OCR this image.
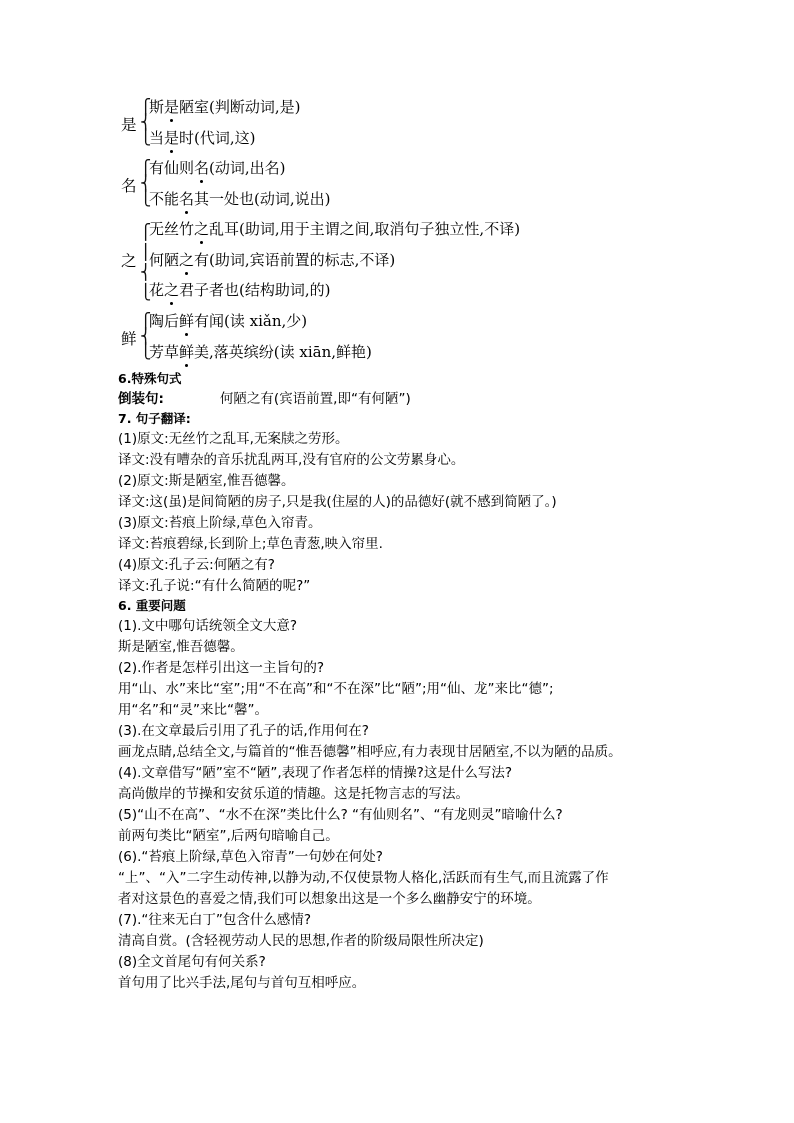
是
⎧
⎨
⎩
斯是陋室(判断动词,是)
当是时(代词,这)
名
⎧
⎨
⎩
有仙则名(动词,出名)
不能名其一处也(动词,说出)
之
⎧
⎪
⎨
⎩
无丝竹之乱耳(助词,用于主谓之间,取消句子独立性,不译)
何陋之有(助词,宾语前置的标志,不译)
花之君子者也(结构助词,的)
鲜
⎧
⎨
⎩
陶后鲜有闻(读 xiǎn,少)
芳草鲜美,落英缤纷(读 xiān,鲜艳)
6.特殊句式
倒装句:	何陋之有(宾语前置,即“有何陋”)
7. 句子翻译:
(1)原文:无丝竹之乱耳,无案牍之劳形。
译文:没有嘈杂的音乐扰乱两耳,没有官府的公文劳累身心。
(2)原文:斯是陋室,惟吾德馨。
译文:这(虽)是间简陋的房子,只是我(住屋的人)的品德好(就不感到简陋了。)
(3)原文:苔痕上阶绿,草色入帘青。
译文:苔痕碧绿,长到阶上;草色青葱,映入帘里.
(4)原文:孔子云:何陋之有?
译文:孔子说:“有什么简陋的呢?”
6. 重要问题
(1).文中哪句话统领全文大意?
斯是陋室,惟吾德馨。
(2).作者是怎样引出这一主旨句的?
用“山、水”来比“室”;用“不在高”和“不在深”比“陋”;用“仙、龙”来比“德”;
用“名”和“灵”来比“馨”。
(3).在文章最后引用了孔子的话,作用何在?
画龙点睛,总结全文,与篇首的“惟吾德馨”相呼应,有力表现甘居陋室,不以为陋的品质。
(4).文章借写“陋”室不“陋”,表现了作者怎样的情操?这是什么写法?
高尚傲岸的节操和安贫乐道的情趣。这是托物言志的写法。
(5)“山不在高”、“水不在深”类比什么? “有仙则名”、“有龙则灵”暗喻什么?
前两句类比“陋室”,后两句暗喻自己。
(6).“苔痕上阶绿,草色入帘青”一句妙在何处?
“上”、“入”二字生动传神,以静为动,不仅使景物人格化,活跃而有生气,而且流露了作
者对这景色的喜爱之情,我们可以想象出这是一个多么幽静安宁的环境。
(7).“往来无白丁”包含什么感情?
清高自赏。(含轻视劳动人民的思想,作者的阶级局限性所决定)
(8)全文首尾句有何关系?
首句用了比兴手法,尾句与首句互相呼应。
